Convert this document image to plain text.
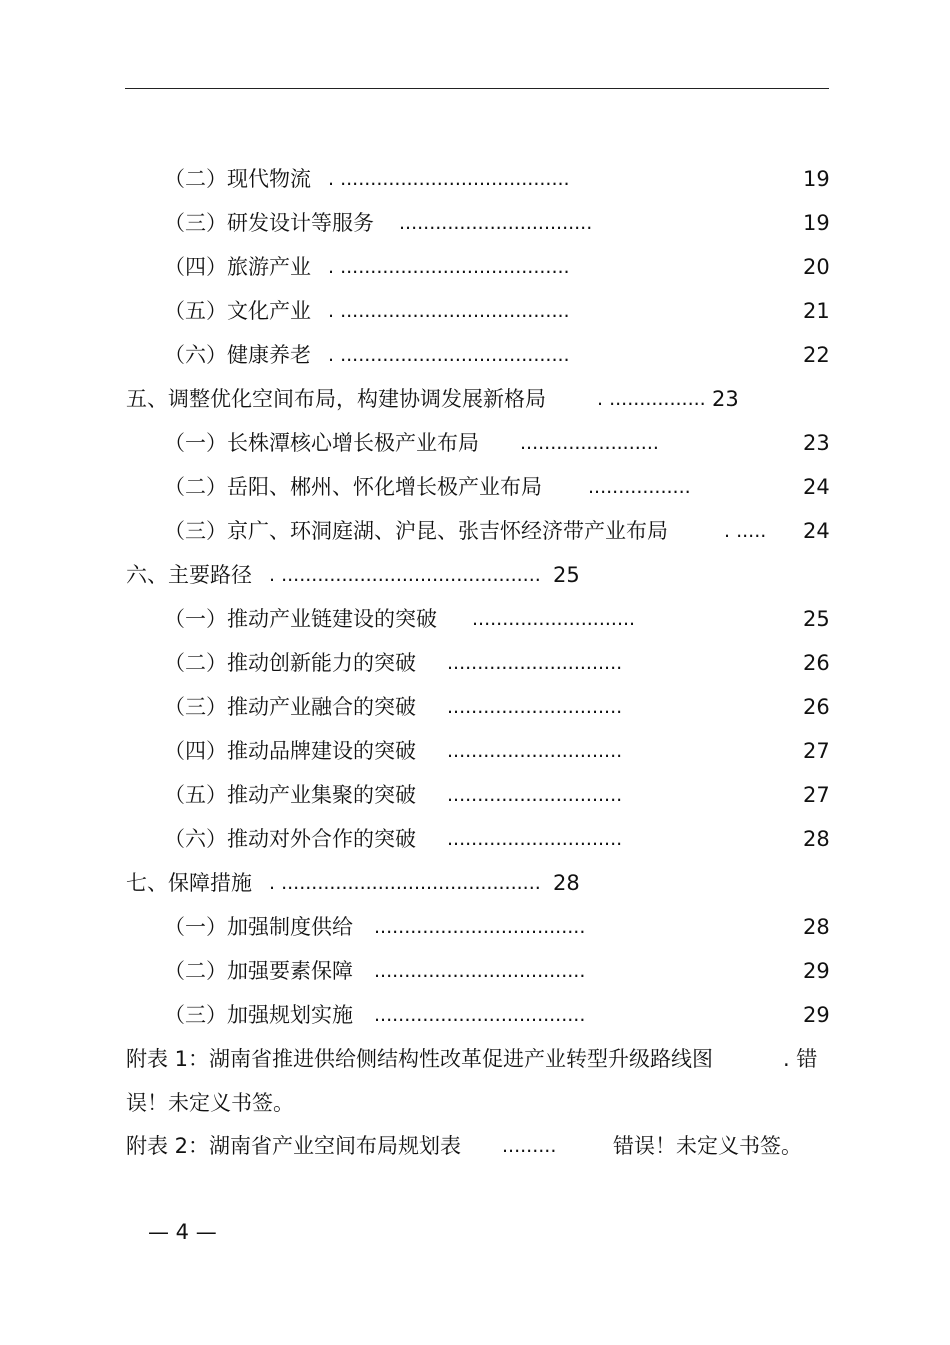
（二）现代物流 . ......................................	19
（三）研发设计等服务 ................................	19
（四）旅游产业 . ......................................	20
（五）文化产业 . ......................................	21
（六）健康养老 . ......................................	22
五、调整优化空间布局，构建协调发展新格局	. ................ 23
（一）长株潭核心增长极产业布局 .......................	23
（二）岳阳、郴州、怀化增长极产业布局 .................	24
（三）京广、环洞庭湖、沪昆、张吉怀经济带产业布局	. ..... 24
六、主要路径 . ........................................... 25
（一）推动产业链建设的突破 ...........................	25
（二）推动创新能力的突破 .............................	26
（三）推动产业融合的突破 .............................	26
（四）推动品牌建设的突破 .............................	27
（五）推动产业集聚的突破 .............................	27
（六）推动对外合作的突破 .............................	28
七、保障措施 . ........................................... 28
（一）加强制度供给 ...................................	28
（二）加强要素保障 ...................................	29
（三）加强规划实施 ...................................	29
附表 1：湖南省推进供给侧结构性改革促进产业转型升级路线图	. 错
误！未定义书签。
附表 2：湖南省产业空间布局规划表 .........	错误！未定义书签。
— 4 —
